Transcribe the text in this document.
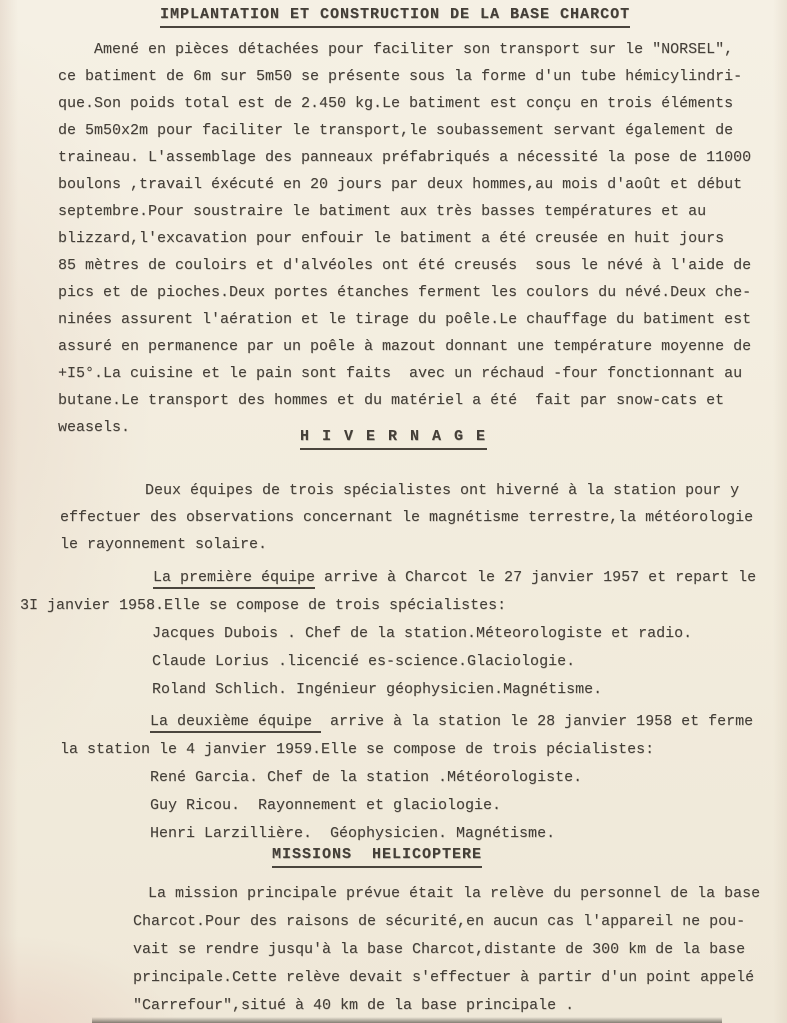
IMPLANTATION ET CONSTRUCTION DE LA BASE CHARCOT
Amené en pièces détachées pour faciliter son transport sur le "NORSEL",
ce batiment de 6m sur 5m50 se présente sous la forme d'un tube hémicylindri-
que.Son poids total est de 2.450 kg.Le batiment est conçu en trois éléments
de 5m50x2m pour faciliter le transport,le soubassement servant également de
traineau. L'assemblage des panneaux préfabriqués a nécessité la pose de 11000
boulons ,travail éxécuté en 20 jours par deux hommes,au mois d'août et début
septembre.Pour soustraire le batiment aux très basses températures et au
blizzard,l'excavation pour enfouir le batiment a été creusée en huit jours
85 mètres de couloirs et d'alvéoles ont été creusés  sous le névé à l'aide de
pics et de pioches.Deux portes étanches ferment les coulors du névé.Deux che-
ninées assurent l'aération et le tirage du poêle.Le chauffage du batiment est
assuré en permanence par un poêle à mazout donnant une température moyenne de
+I5°.La cuisine et le pain sont faits  avec un réchaud -four fonctionnant au
butane.Le transport des hommes et du matériel a été  fait par snow-cats et
weasels.
H I V E R N A G E
Deux équipes de trois spécialistes ont hiverné à la station pour y
effectuer des observations concernant le magnétisme terrestre,la météorologie
le rayonnement solaire.
La première équipe arrive à Charcot le 27 janvier 1957 et repart le
3I janvier 1958.Elle se compose de trois spécialistes:
Jacques Dubois . Chef de la station.Méteorologiste et radio.
Claude Lorius .licencié es-science.Glaciologie.
Roland Schlich. Ingénieur géophysicien.Magnétisme.
La deuxième équipe  arrive à la station le 28 janvier 1958 et ferme
la station le 4 janvier 1959.Elle se compose de trois pécialistes:
René Garcia. Chef de la station .Météorologiste.
Guy Ricou.  Rayonnement et glaciologie.
Henri Larzillière.  Géophysicien. Magnétisme.
MISSIONS  HELICOPTERE
La mission principale prévue était la relève du personnel de la base
Charcot.Pour des raisons de sécurité,en aucun cas l'appareil ne pou-
vait se rendre jusqu'à la base Charcot,distante de 300 km de la base
principale.Cette relève devait s'effectuer à partir d'un point appelé
"Carrefour",situé à 40 km de la base principale .
